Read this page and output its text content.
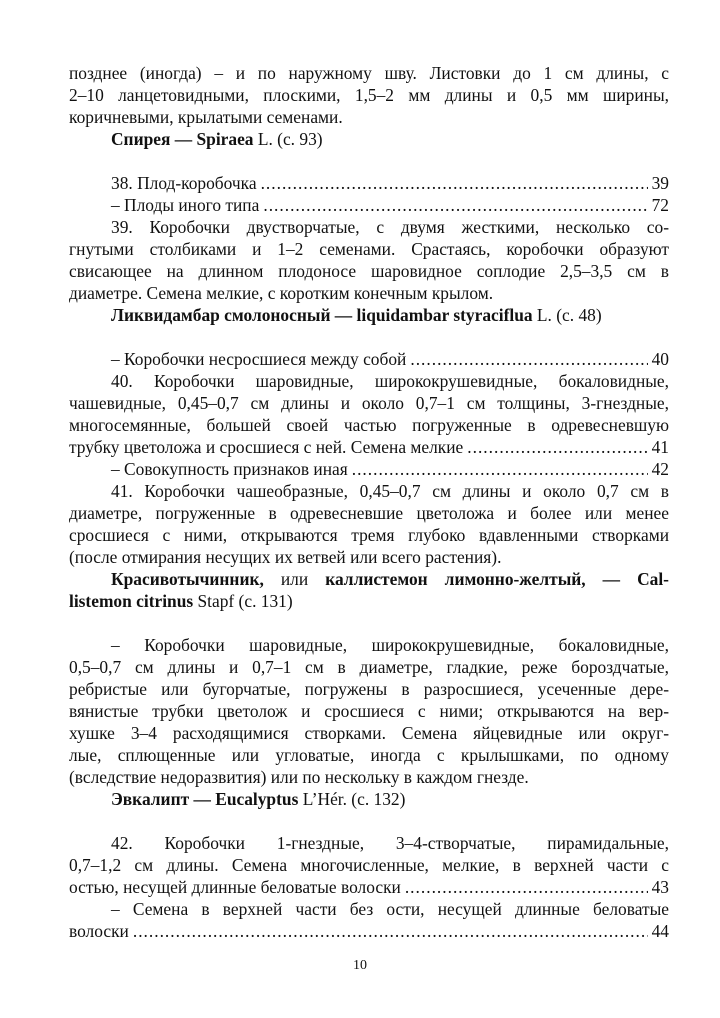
позднее (иногда) – и по наружному шву. Листовки до 1 см длины, с

2–10 ланцетовидными, плоскими, 1,5–2 мм длины и 0,5 мм ширины,

коричневыми, крылатыми семенами.

Спирея — Spiraea L. (с. 93)

38. Плод-коробочка .....	39
– Плоды иного типа .....	72

39. Коробочки двустворчатые, с двумя жесткими, несколько со-

гнутыми столбиками и 1–2 семенами. Срастаясь, коробочки образуют

свисающее на длинном плодоносе шаровидное соплодие 2,5–3,5 см в

диаметре. Семена мелкие, с коротким конечным крылом.

Ликвидамбар смолоносный — liquidambar styraciflua L. (с. 48)

– Коробочки несросшиеся между собой .....	40

40. Коробочки шаровидные, ширококрушевидные, бокаловидные,

чашевидные, 0,45–0,7 см длины и около 0,7–1 см толщины, 3-гнездные,

многосемянные, большей своей частью погруженные в одревесневшую

трубку цветоложа и сросшиеся с ней. Семена мелкие .....	41
– Совокупность признаков иная .....	42

41. Коробочки чашеобразные, 0,45–0,7 см длины и около 0,7 см в

диаметре, погруженные в одревесневшие цветоложа и более или менее

сросшиеся с ними, открываются тремя глубоко вдавленными створками

(после отмирания несущих их ветвей или всего растения).

Красивотычинник, или каллистемон лимонно-желтый, — Cal-

listemon citrinus Stapf (с. 131)

– Коробочки шаровидные, ширококрушевидные, бокаловидные,

0,5–0,7 см длины и 0,7–1 см в диаметре, гладкие, реже бороздчатые,

ребристые или бугорчатые, погружены в разросшиеся, усеченные дере-

вянистые трубки цветолож и сросшиеся с ними; открываются на вер-

хушке 3–4 расходящимися створками. Семена яйцевидные или округ-

лые, сплющенные или угловатые, иногда с крылышками, по одному

(вследствие недоразвития) или по нескольку в каждом гнезде.

Эвкалипт — Eucalyptus L’Hér. (с. 132)

42. Коробочки 1-гнездные, 3–4-створчатые, пирамидальные,

0,7–1,2 см длины. Семена многочисленные, мелкие, в верхней части с

остью, несущей длинные беловатые волоски .....	43

– Семена в верхней части без ости, несущей длинные беловатые

волоски .....	44
10
